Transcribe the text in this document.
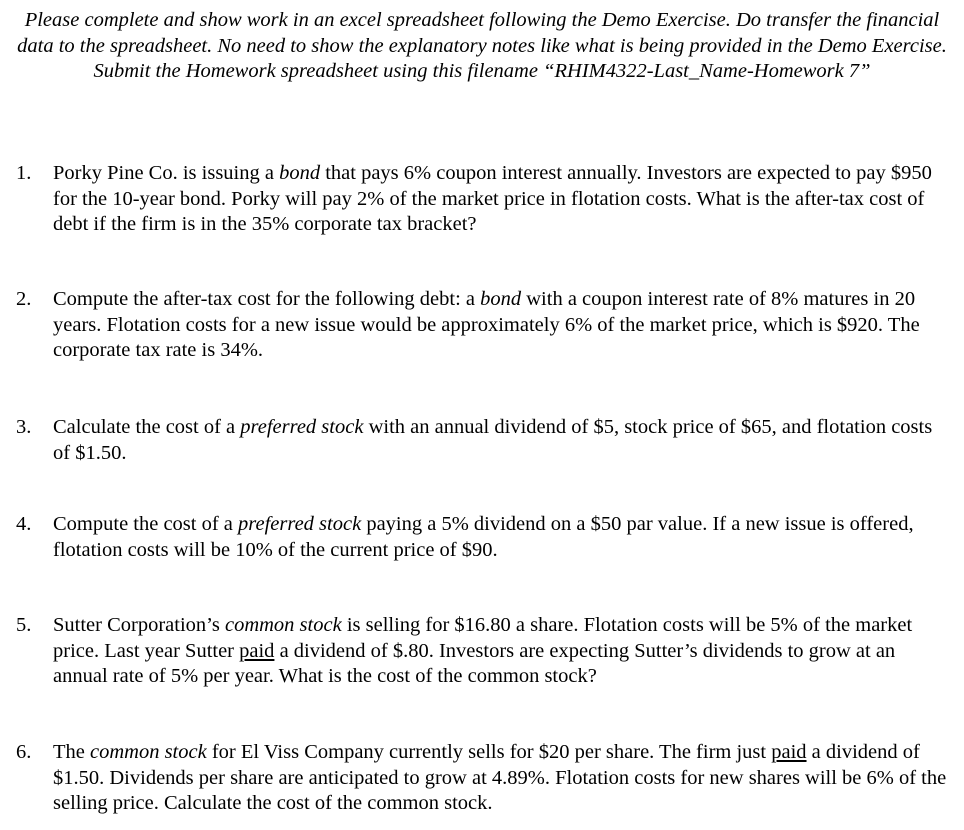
Please complete and show work in an excel spreadsheet following the Demo Exercise. Do transfer the financial data to the spreadsheet. No need to show the explanatory notes like what is being provided in the Demo Exercise.

Submit the Homework spreadsheet using this filename “RHIM4322-Last_Name-Homework 7”

1. Porky Pine Co. is issuing a bond that pays 6% coupon interest annually. Investors are expected to pay $950 for the 10-year bond. Porky will pay 2% of the market price in flotation costs. What is the after-tax cost of debt if the firm is in the 35% corporate tax bracket?
2. Compute the after-tax cost for the following debt: a bond with a coupon interest rate of 8% matures in 20 years. Flotation costs for a new issue would be approximately 6% of the market price, which is $920. The corporate tax rate is 34%.
3. Calculate the cost of a preferred stock with an annual dividend of $5, stock price of $65, and flotation costs of $1.50.
4. Compute the cost of a preferred stock paying a 5% dividend on a $50 par value. If a new issue is offered, flotation costs will be 10% of the current price of $90.
5. Sutter Corporation’s common stock is selling for $16.80 a share. Flotation costs will be 5% of the market price. Last year Sutter paid a dividend of $.80. Investors are expecting Sutter’s dividends to grow at an annual rate of 5% per year. What is the cost of the common stock?
6. The common stock for El Viss Company currently sells for $20 per share. The firm just paid a dividend of $1.50. Dividends per share are anticipated to grow at 4.89%. Flotation costs for new shares will be 6% of the selling price. Calculate the cost of the common stock.
